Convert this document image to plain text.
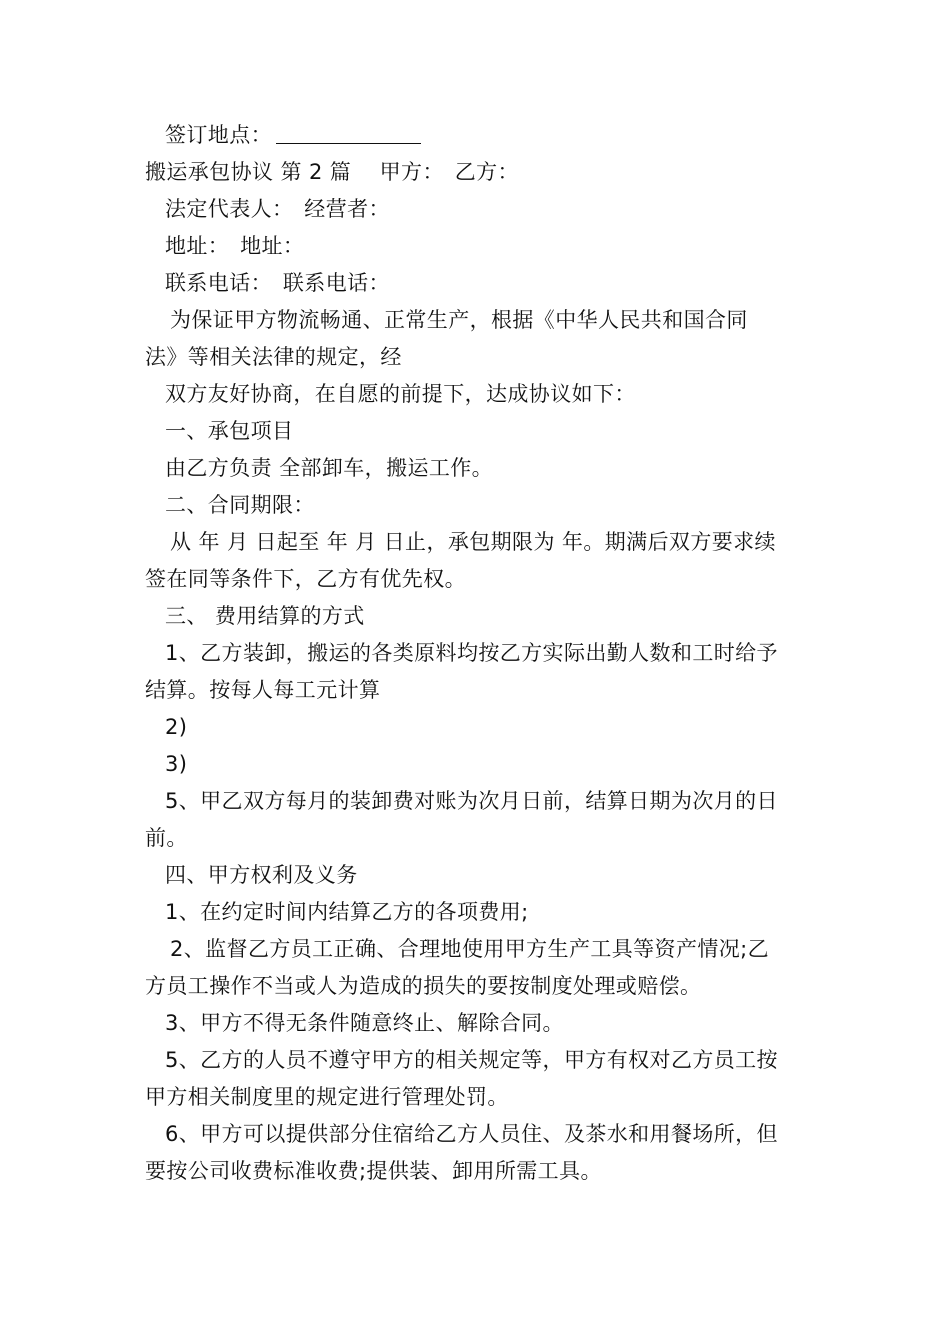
签订地点：
搬运承包协议 第 2 篇　 甲方：　乙方：
法定代表人：　经营者：
地址：　地址：
联系电话：　联系电话：
为保证甲方物流畅通、正常生产，根据《中华人民共和国合同
法》等相关法律的规定，经
双方友好协商，在自愿的前提下，达成协议如下：
一、承包项目
由乙方负责 全部卸车，搬运工作。
二、合同期限：
从 年 月 日起至 年 月 日止，承包期限为 年。期满后双方要求续
签在同等条件下，乙方有优先权。
三、 费用结算的方式
1、乙方装卸，搬运的各类原料均按乙方实际出勤人数和工时给予
结算。按每人每工元计算
2)
3)
5、甲乙双方每月的装卸费对账为次月日前，结算日期为次月的日
前。
四、甲方权利及义务
1、在约定时间内结算乙方的各项费用;
2、监督乙方员工正确、合理地使用甲方生产工具等资产情况;乙
方员工操作不当或人为造成的损失的要按制度处理或赔偿。
3、甲方不得无条件随意终止、解除合同。
5、乙方的人员不遵守甲方的相关规定等，甲方有权对乙方员工按
甲方相关制度里的规定进行管理处罚。
6、甲方可以提供部分住宿给乙方人员住、及茶水和用餐场所，但
要按公司收费标准收费;提供装、卸用所需工具。
